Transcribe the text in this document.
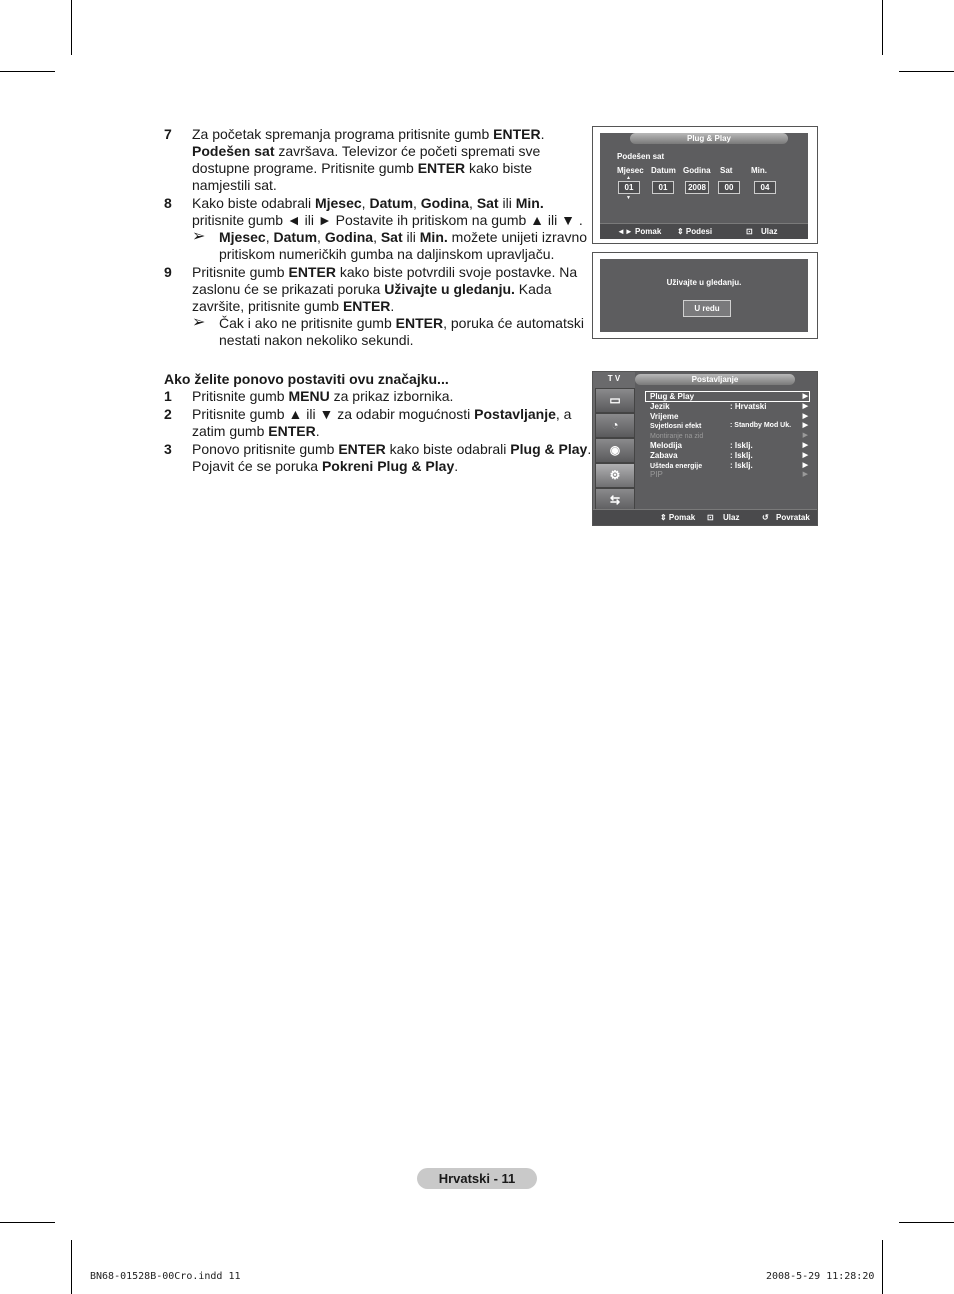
7 Za početak spremanja programa pritisnite gumb ENTER. Podešen sat završava. Televizor će početi spremati sve dostupne programe. Pritisnite gumb ENTER kako biste namjestili sat.
8 Kako biste odabrali Mjesec, Datum, Godina, Sat ili Min. pritisnite gumb ◄ ili ► Postavite ih pritiskom na gumb ▲ ili ▼ .
➢ Mjesec, Datum, Godina, Sat ili Min. možete unijeti izravno pritiskom numeričkih gumba na daljinskom upravljaču.
9 Pritisnite gumb ENTER kako biste potvrdili svoje postavke. Na zaslonu će se prikazati poruka Uživajte u gledanju. Kada završite, pritisnite gumb ENTER.
➢ Čak i ako ne pritisnite gumb ENTER, poruka će automatski nestati nakon nekoliko sekundi.
Ako želite ponovo postaviti ovu značajku...
1 Pritisnite gumb MENU za prikaz izbornika.
2 Pritisnite gumb ▲ ili ▼ za odabir mogućnosti Postavljanje, a zatim gumb ENTER.
3 Ponovo pritisnite gumb ENTER kako biste odabrali Plug & Play. Pojavit će se poruka Pokreni Plug & Play.
Plug & Play
Podešen sat
Mjesec Datum Godina Sat Min.
▲
01	01	2008	00	04
▼
◄► Pomak ⇕ Podesi	⊡ Ulaz
Uživajte u gledanju.
U redu
T V
▭
◔
◉
⚙
⇆
Postavljanje
Plug & Play	▶
Jezik	: Hrvatski	▶
Vrijeme	▶
Svjetlosni efekt	: Standby Mod Uk. ▶
Montiranje na zid	▶
Melodija	: Isklj.	▶
Zabava	: Isklj.	▶
Ušteda energije	: Isklj.	▶
PIP	▶
⇕ Pomak ⊡ Ulaz	↺ Povratak
Hrvatski - 11
BN68-01528B-00Cro.indd 11	2008-5-29 11:28:20
